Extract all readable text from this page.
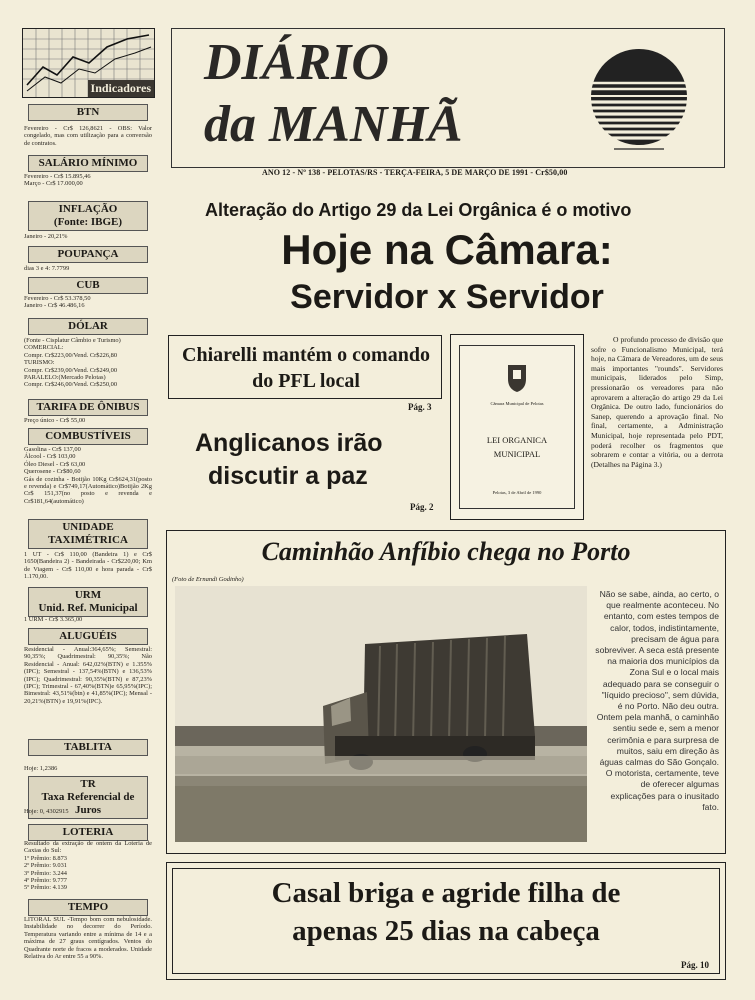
Indicadores
BTN
Fevereiro - Cr$ 126,8621 - OBS: Valor congelado, mas com utilização para a conversão de contratos.
SALÁRIO MÍNIMO
Fevereiro - Cr$ 15.895,46
Março - Cr$ 17.000,00
INFLAÇÃO
(Fonte: IBGE)
Janeiro - 20,21%
POUPANÇA
dias 3 e 4: 7.7799
CUB
Fevereiro - Cr$ 53.378,50
Janeiro - Cr$ 46.486,16
DÓLAR
(Fonte - Cisplatur Câmbio e Turismo)
COMERCIAL:
Compr. Cr$223,00/Vend. Cr$226,80
TURISMO:
Compr. Cr$239,00/Vend. Cr$249,00
PARALELO:(Mercado Pelotas)
Compr. Cr$246,00/Vend. Cr$250,00
TARIFA DE ÔNIBUS
Preço único - Cr$ 55,00
COMBUSTÍVEIS
Gasolina - Cr$ 137,00
Álcool - Cr$ 103,00
Óleo Diesel - Cr$ 63,00
Querosene - Cr$80,60
Gás de cozinha - Botijão 10Kg Cr$624,31(posto e revenda) e Cr$749,17(Automático)Botijão 2Kg Cr$ 151,37(no posto e revenda e Cr$181,64(automático)
UNIDADE
TAXIMÉTRICA
1 UT - Cr$ 110,00 (Bandeira 1) e Cr$ 1650(Bandeira 2) - Bandeirada - Cr$220,00; Km de Viagem - Cr$ 110,00 e hora parada - Cr$ 1.170,00.
URM
Unid. Ref. Municipal
1 URM - Cr$ 3.365,00
ALUGUÉIS
Residencial - Anual:364,65%; Semestral: 90,35%; Quadrimestral: 90,35%; Não Residencial - Anual: 642,02%(BTN) e 1.355%(IPC); Semestral - 137,54%(BTN) e 136,53%(IPC); Quadrimestral: 90,35%(BTN) e 87,23%(IPC); Trimestral - 67,40%(BTN)e 65,95%(IPC); Bimestral: 43,51%(btn) e 41,85%(IPC); Mensal - 20,21%(BTN) e 19,91%(IPC).
TABLITA
Hoje: 1,2386
TR
Taxa Referencial de Juros
Hoje: 0, 4302915
LOTERIA
Resultado da extração de ontem da Loteria de Caxias do Sul:
1º Prêmio: 8.873
2º Prêmio: 9.031
3º Prêmio: 3.244
4º Prêmio: 9.777
5º Prêmio: 4.139
TEMPO
LITORAL SUL -Tempo bom com nebulosidade. Instabilidade no decorrer do Período. Temperatura variando entre a mínima de 14 e a máxima de 27 graus centígrados. Ventos do Quadrante norte de fracos a moderados. Unidade Relativa do Ar entre 55 a 90%.
DIÁRIO
da MANHÃ
ANO 12 - Nº 138 - PELOTAS/RS - TERÇA-FEIRA, 5 DE MARÇO DE 1991 - Cr$50,00
Alteração do Artigo 29 da Lei Orgânica é o motivo
Hoje na Câmara:
Servidor x Servidor
Chiarelli mantém o comando do PFL local
Pág. 3
Anglicanos irão
discutir a paz
Pág. 2
Câmara Municipal de Pelotas
LEI ORGANICA
MUNICIPAL
Pelotas, 3 de Abril de 1990
O profundo processo de divisão que sofre o Funcionalismo Municipal, terá hoje, na Câmara de Vereadores, um de seus mais importantes "rounds". Servidores municipais, liderados pelo Simp, pressionarão os vereadores para não aprovarem a alteração do artigo 29 da Lei Orgânica. De outro lado, funcionários do Sanep, querendo a aprovação final. No final, certamente, a Administração Municipal, hoje representada pelo PDT, poderá recolher os fragmentos que sobrarem e contar a vitória, ou a derrota (Detalhes na Página 3.)
Caminhão Anfíbio chega no Porto
(Foto de Ernandi Godinho)
Não se sabe, ainda, ao certo, o que realmente aconteceu. No entanto, com estes tempos de calor, todos, indistintamente, precisam de água para sobreviver. A seca está presente na maioria dos municípios da Zona Sul e o local mais adequado para se conseguir o "líquido precioso", sem dúvida, é no Porto. Não deu outra. Ontem pela manhã, o caminhão sentiu sede e, sem a menor cerimônia e para surpresa de muitos, saiu em direção às águas calmas do São Gonçalo. O motorista, certamente, teve de oferecer algumas explicações para o inusitado fato.
Casal briga e agride filha de
apenas 25 dias na cabeça
Pág. 10
